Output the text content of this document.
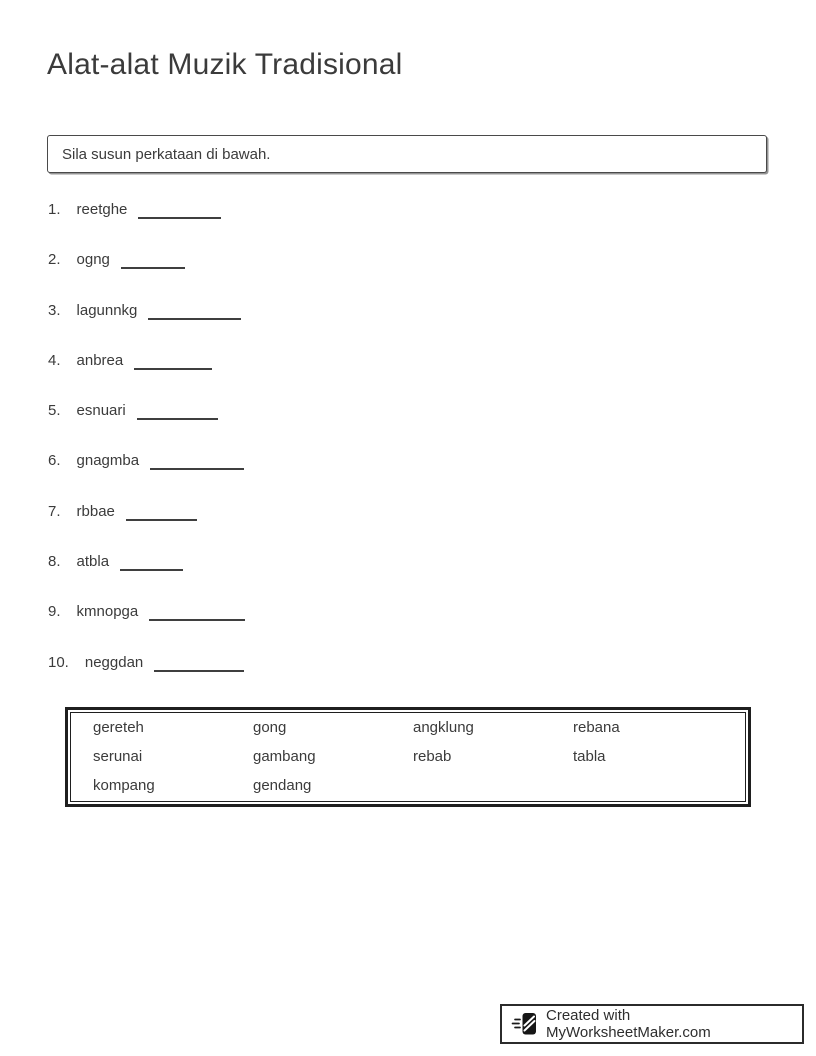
Alat-alat Muzik Tradisional
Sila susun perkataan di bawah.
1. reetghe
2. ogng
3. lagunnkg
4. anbrea
5. esnuari
6. gnagmba
7. rbbae
8. atbla
9. kmnopga
10. neggdan
gereteh	gong	angklung	rebana
serunai	gambang	rebab	tabla
kompang	gendang
Created with MyWorksheetMaker.com
